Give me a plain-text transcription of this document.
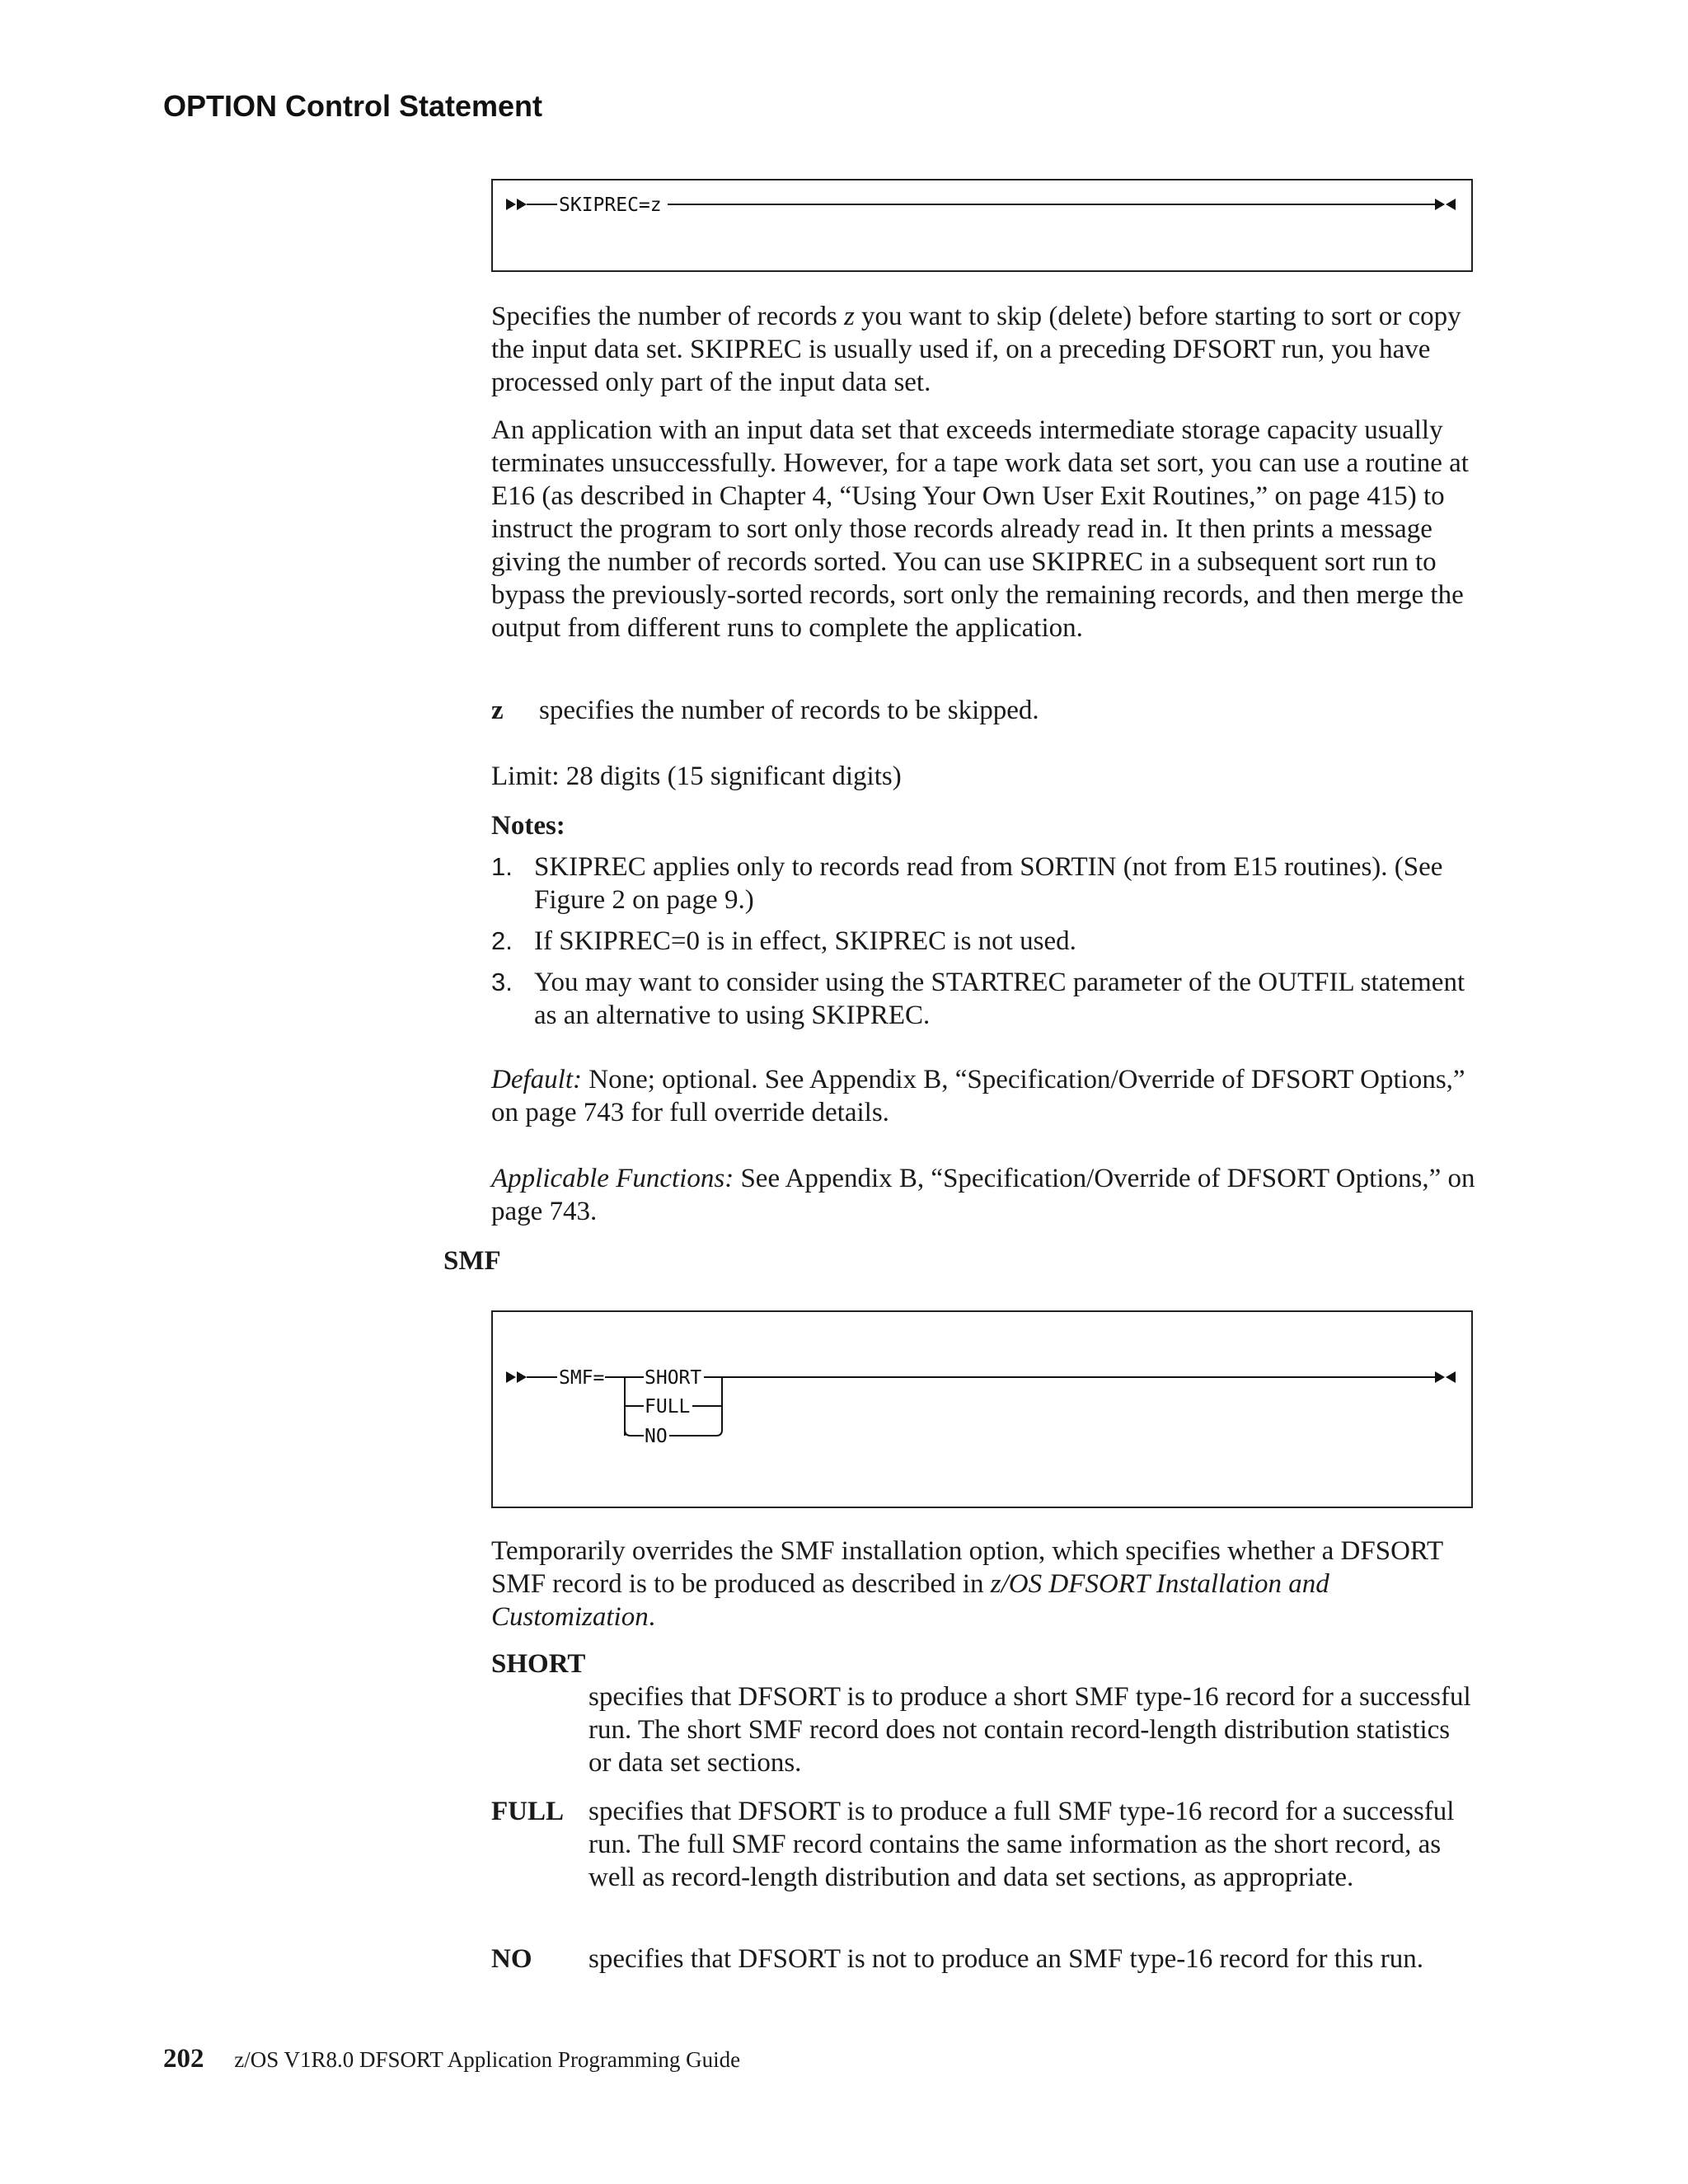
OPTION Control Statement
SKIPREC=z

Specifies the number of records z you want to skip (delete) before starting to sort or copy the input data set. SKIPREC is usually used if, on a preceding DFSORT run, you have processed only part of the input data set.

An application with an input data set that exceeds intermediate storage capacity usually terminates unsuccessfully. However, for a tape work data set sort, you can use a routine at E16 (as described in Chapter 4, “Using Your Own User Exit Routines,” on page 415) to instruct the program to sort only those records already read in. It then prints a message giving the number of records sorted. You can use SKIPREC in a subsequent sort run to bypass the previously-sorted records, sort only the remaining records, and then merge the output from different runs to complete the application.

z specifies the number of records to be skipped.

Limit: 28 digits (15 significant digits)

Notes:

1. SKIPREC applies only to records read from SORTIN (not from E15 routines). (See Figure 2 on page 9.)
2. If SKIPREC=0 is in effect, SKIPREC is not used.
3. You may want to consider using the STARTREC parameter of the OUTFIL statement as an alternative to using SKIPREC.

Default: None; optional. See Appendix B, “Specification/Override of DFSORT Options,” on page 743 for full override details.

Applicable Functions: See Appendix B, “Specification/Override of DFSORT Options,” on page 743.

SMF
SMF= SHORT
FULL
NO

Temporarily overrides the SMF installation option, which specifies whether a DFSORT SMF record is to be produced as described in z/OS DFSORT Installation and Customization.

SHORT
specifies that DFSORT is to produce a short SMF type-16 record for a successful run. The short SMF record does not contain record-length distribution statistics or data set sections.
FULL specifies that DFSORT is to produce a full SMF type-16 record for a successful run. The full SMF record contains the same information as the short record, as well as record-length distribution and data set sections, as appropriate.
NO specifies that DFSORT is not to produce an SMF type-16 record for this run.
202 z/OS V1R8.0 DFSORT Application Programming Guide
